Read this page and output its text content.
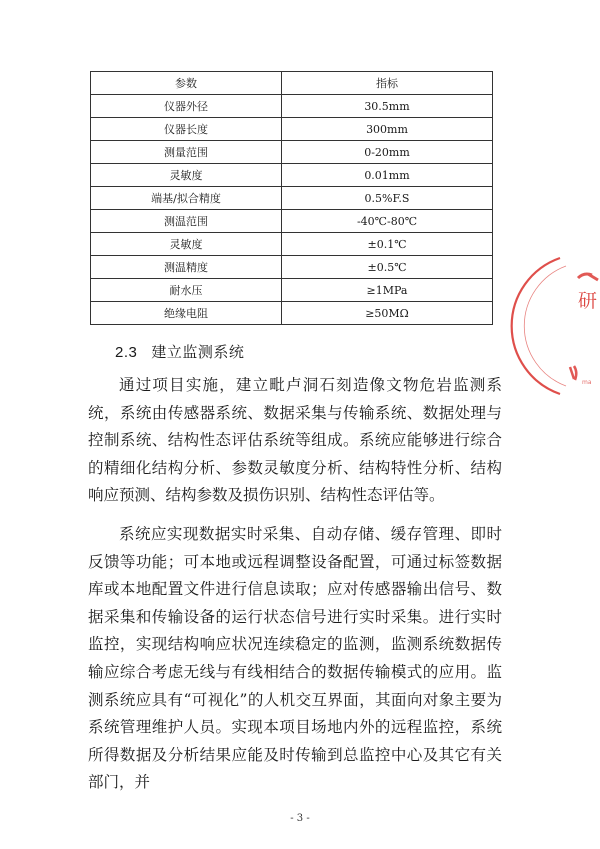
参数	指标
仪器外径	30.5mm
仪器长度	300mm
测量范围	0-20mm
灵敏度	0.01mm
端基/拟合精度	0.5%F.S
测温范围	-40℃-80℃
灵敏度	±0.1℃
测温精度	±0.5℃
耐水压	≥1MPa
绝缘电阻	≥50MΩ
2.3 建立监测系统

通过项目实施，建立毗卢洞石刻造像文物危岩监测系统，系统由传感器系统、数据采集与传输系统、数据处理与控制系统、结构性态评估系统等组成。系统应能够进行综合的精细化结构分析、参数灵敏度分析、结构特性分析、结构响应预测、结构参数及损伤识别、结构性态评估等。

系统应实现数据实时采集、自动存储、缓存管理、即时反馈等功能；可本地或远程调整设备配置，可通过标签数据库或本地配置文件进行信息读取；应对传感器输出信号、数据采集和传输设备的运行状态信号进行实时采集。进行实时监控，实现结构响应状况连续稳定的监测，监测系统数据传输应综合考虑无线与有线相结合的数据传输模式的应用。监测系统应具有“可视化”的人机交互界面，其面向对象主要为系统管理维护人员。实现本项目场地内外的远程监控，系统所得数据及分析结果应能及时传输到总监控中心及其它有关部门，并

研
ma
- 3 -
